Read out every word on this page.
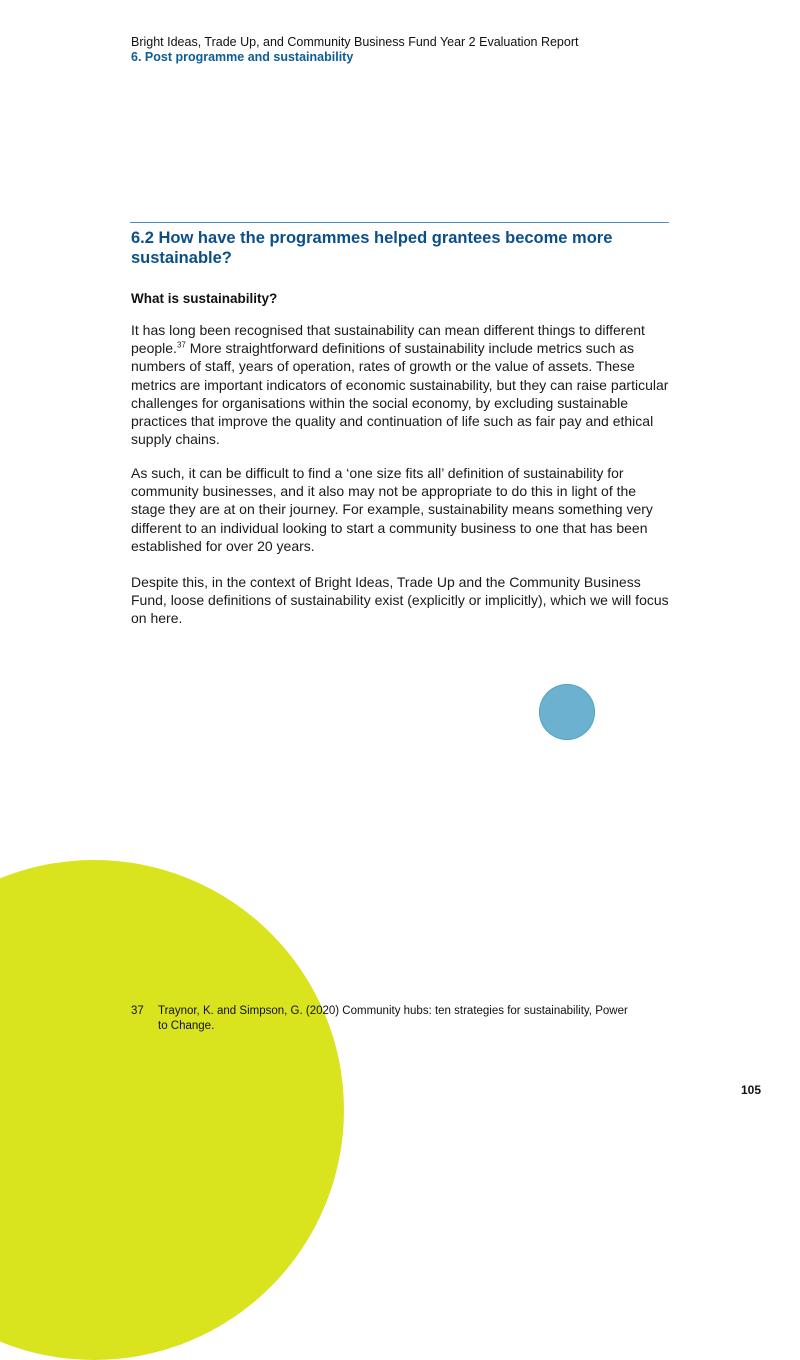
Bright Ideas, Trade Up, and Community Business Fund Year 2 Evaluation Report
6. Post programme and sustainability
6.2 How have the programmes helped grantees become more sustainable?
What is sustainability?

It has long been recognised that sustainability can mean different things to different people.$^{37}$ More straightforward definitions of sustainability include metrics such as numbers of staff, years of operation, rates of growth or the value of assets. These metrics are important indicators of economic sustainability, but they can raise particular challenges for organisations within the social economy, by excluding sustainable practices that improve the quality and continuation of life such as fair pay and ethical supply chains.

As such, it can be difficult to find a ‘one size fits all’ definition of sustainability for community businesses, and it also may not be appropriate to do this in light of the stage they are at on their journey. For example, sustainability means something very different to an individual looking to start a community business to one that has been established for over 20 years.

Despite this, in the context of Bright Ideas, Trade Up and the Community Business Fund, loose definitions of sustainability exist (explicitly or implicitly), which we will focus on here.

37 Traynor, K. and Simpson, G. (2020) Community hubs: ten strategies for sustainability, Power to Change.
105
